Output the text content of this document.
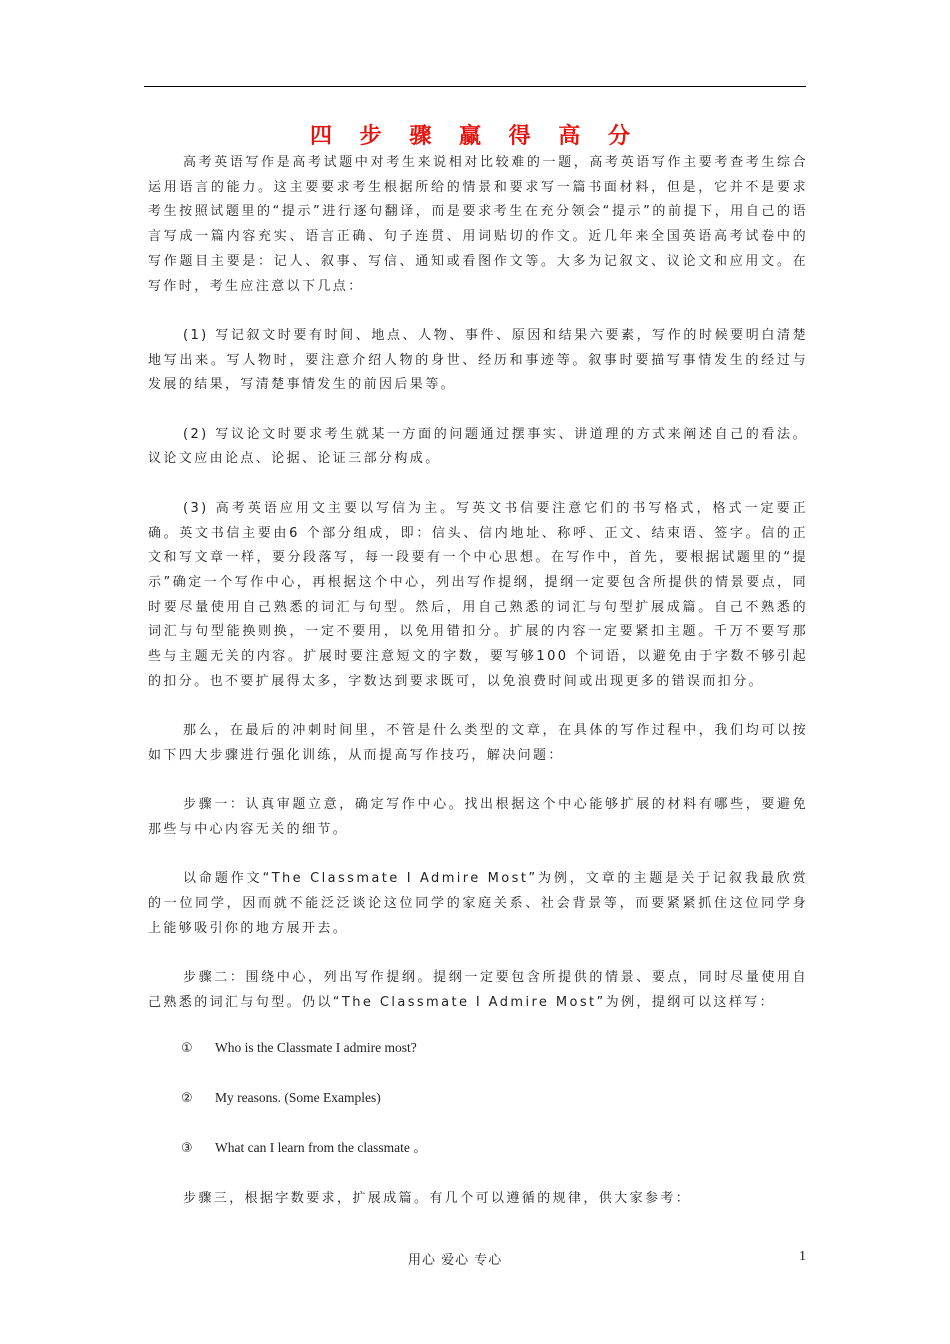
四 步 骤 赢 得 高 分

高考英语写作是高考试题中对考生来说相对比较难的一题，高考英语写作主要考查考生综合运用语言的能力。这主要要求考生根据所给的情景和要求写一篇书面材料，但是，它并不是要求考生按照试题里的“提示”进行逐句翻译，而是要求考生在充分领会“提示”的前提下，用自己的语言写成一篇内容充实、语言正确、句子连贯、用词贴切的作文。近几年来全国英语高考试卷中的写作题目主要是：记人、叙事、写信、通知或看图作文等。大多为记叙文、议论文和应用文。在写作时，考生应注意以下几点：

(1) 写记叙文时要有时间、地点、人物、事件、原因和结果六要素，写作的时候要明白清楚地写出来。写人物时，要注意介绍人物的身世、经历和事迹等。叙事时要描写事情发生的经过与发展的结果，写清楚事情发生的前因后果等。

(2) 写议论文时要求考生就某一方面的问题通过摆事实、讲道理的方式来阐述自己的看法。议论文应由论点、论据、论证三部分构成。

(3) 高考英语应用文主要以写信为主。写英文书信要注意它们的书写格式，格式一定要正确。英文书信主要由6 个部分组成，即：信头、信内地址、称呼、正文、结束语、签字。信的正文和写文章一样，要分段落写，每一段要有一个中心思想。在写作中，首先，要根据试题里的“提示”确定一个写作中心，再根据这个中心，列出写作提纲，提纲一定要包含所提供的情景要点，同时要尽量使用自己熟悉的词汇与句型。然后，用自己熟悉的词汇与句型扩展成篇。自己不熟悉的词汇与句型能换则换，一定不要用，以免用错扣分。扩展的内容一定要紧扣主题。千万不要写那些与主题无关的内容。扩展时要注意短文的字数，要写够100 个词语，以避免由于字数不够引起的扣分。也不要扩展得太多，字数达到要求既可，以免浪费时间或出现更多的错误而扣分。

那么，在最后的冲刺时间里，不管是什么类型的文章，在具体的写作过程中，我们均可以按如下四大步骤进行强化训练，从而提高写作技巧，解决问题：

步骤一：认真审题立意，确定写作中心。找出根据这个中心能够扩展的材料有哪些，要避免那些与中心内容无关的细节。

以命题作文“The Classmate I Admire Most”为例，文章的主题是关于记叙我最欣赏的一位同学，因而就不能泛泛谈论这位同学的家庭关系、社会背景等，而要紧紧抓住这位同学身上能够吸引你的地方展开去。

步骤二：围绕中心，列出写作提纲。提纲一定要包含所提供的情景、要点，同时尽量使用自己熟悉的词汇与句型。仍以“The Classmate I Admire Most”为例，提纲可以这样写：

① Who is the Classmate I admire most?
② My reasons. (Some Examples)
③ What can I learn from the classmate 。

步骤三，根据字数要求，扩展成篇。有几个可以遵循的规律，供大家参考：

用心 爱心 专心	1
